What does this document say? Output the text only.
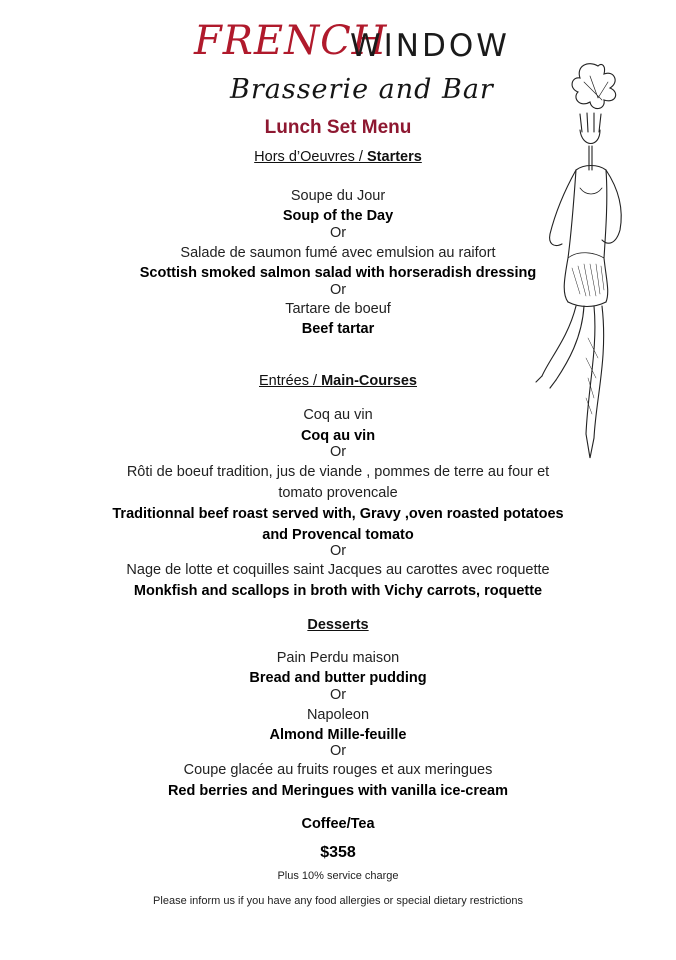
FRENCH
WINDOW
Brasserie and Bar
Lunch Set Menu
Hors d’Oeuvres / Starters
Soupe du Jour
Soup of the Day
Or
Salade de saumon fumé avec emulsion au raifort
Scottish smoked salmon salad with horseradish dressing
Or
Tartare de boeuf
Beef tartar
Entrées / Main-Courses
Coq au vin
Coq au vin
Or
Rôti de boeuf tradition, jus de viande , pommes de terre au four et
tomato provencale
Traditionnal beef roast served with, Gravy ,oven roasted potatoes
and Provencal tomato
Or
Nage de lotte et coquilles saint Jacques au carottes avec roquette
Monkfish and scallops in broth with Vichy carrots, roquette
Desserts
Pain Perdu maison
Bread and butter pudding
Or
Napoleon
Almond Mille-feuille
Or
Coupe glacée au fruits rouges et aux meringues
Red berries and Meringues with vanilla ice-cream
Coffee/Tea
$358
Plus 10% service charge
Please inform us if you have any food allergies or special dietary restrictions
